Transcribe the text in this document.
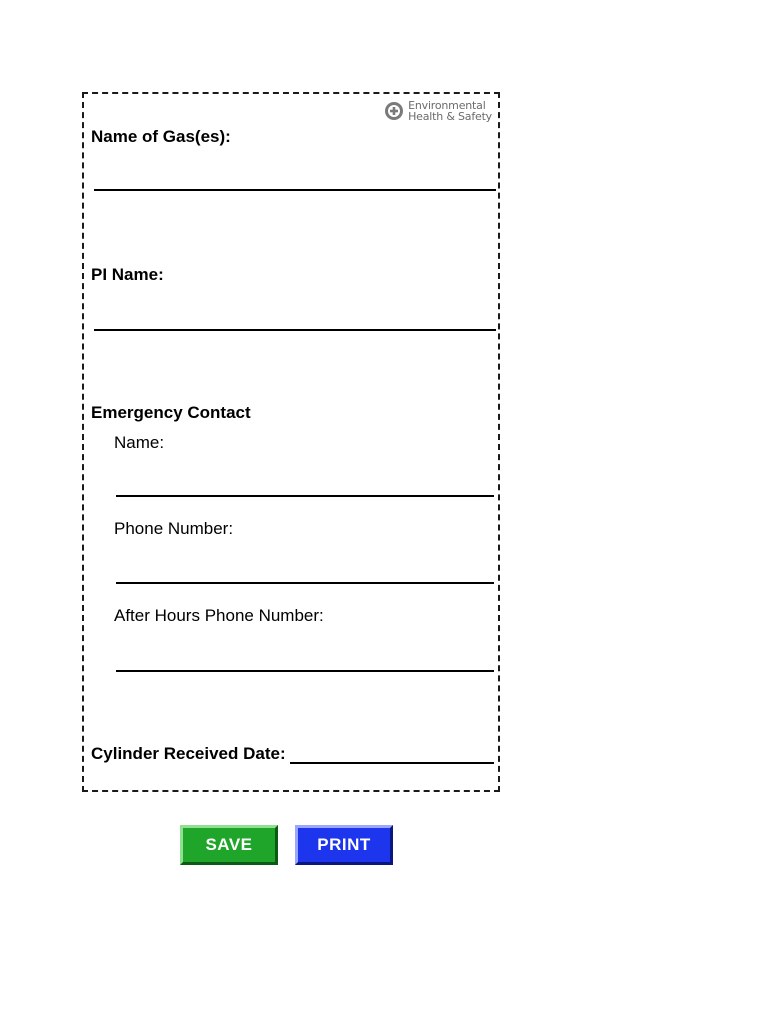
Environmental
Health & Safety
Name of Gas(es):
PI Name:
Emergency Contact
Name:
Phone Number:
After Hours Phone Number:
Cylinder Received Date:
SAVE	PRINT
